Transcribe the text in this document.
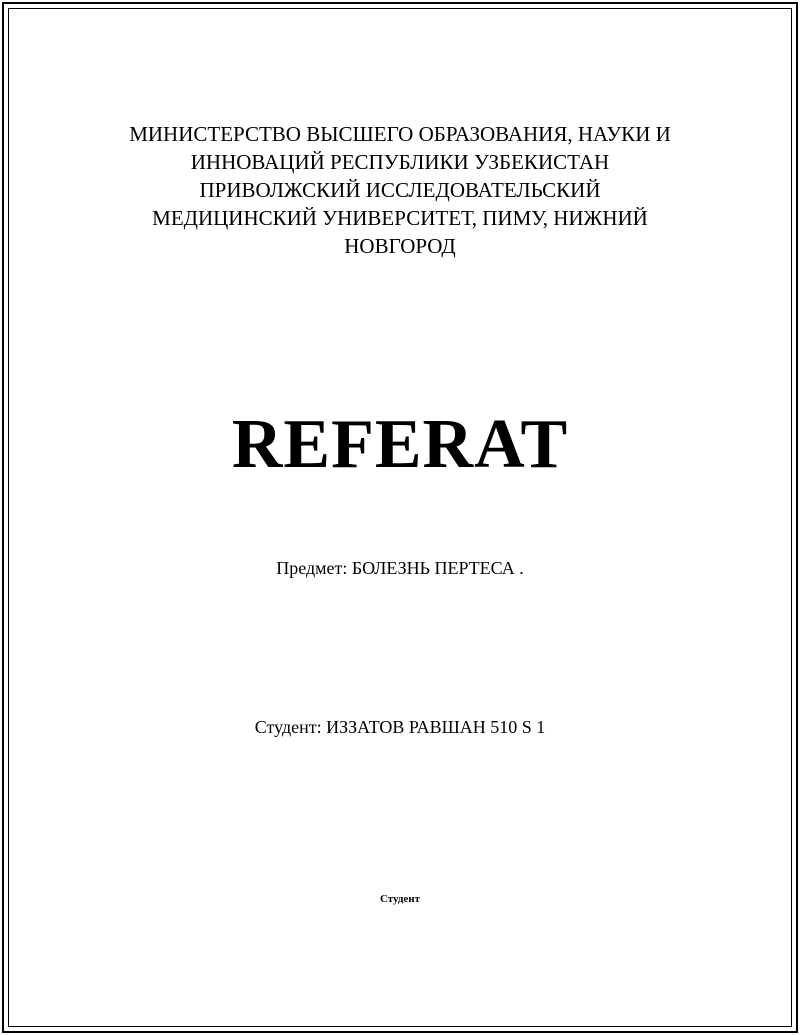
МИНИСТЕРСТВО ВЫСШЕГО ОБРАЗОВАНИЯ, НАУКИ И
ИННОВАЦИЙ РЕСПУБЛИКИ УЗБЕКИСТАН
ПРИВОЛЖСКИЙ ИССЛЕДОВАТЕЛЬСКИЙ
МЕДИЦИНСКИЙ УНИВЕРСИТЕТ, ПИМУ, НИЖНИЙ
НОВГОРОД
REFERAT
Предмет: БОЛЕЗНЬ ПЕРТЕСА .
Студент: ИЗЗАТОВ РАВШАН 510 S 1
Студент
